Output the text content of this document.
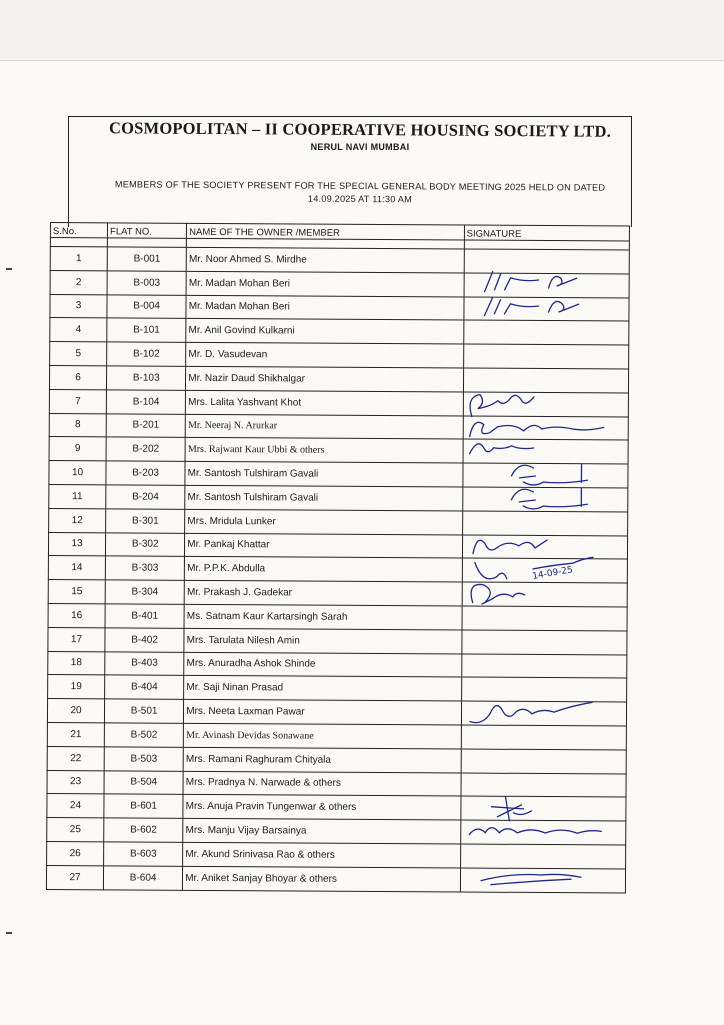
COSMOPOLITAN – II COOPERATIVE HOUSING SOCIETY LTD.
NERUL NAVI MUMBAI
MEMBERS OF THE SOCIETY PRESENT FOR THE SPECIAL GENERAL BODY MEETING 2025 HELD ON DATED
14.09.2025 AT 11:30 AM
S.No.	FLAT NO.	NAME OF THE OWNER /MEMBER	SIGNATURE

1	B-001	Mr. Noor Ahmed S. Mirdhe	
2	B-003	Mr. Madan Mohan Beri	

3	B-004	Mr. Madan Mohan Beri	

4	B-101	Mr. Anil Govind Kulkarni	
5	B-102	Mr. D. Vasudevan	
6	B-103	Mr. Nazir Daud Shikhalgar	
7	B-104	Mrs. Lalita Yashvant Khot	

8	B-201	Mr. Neeraj N. Arurkar	

9	B-202	Mrs. Rajwant Kaur Ubbi & others	

10	B-203	Mr. Santosh Tulshiram Gavali	

11	B-204	Mr. Santosh Tulshiram Gavali	

12	B-301	Mrs. Mridula Lunker	
13	B-302	Mr. Pankaj Khattar	

14	B-303	Mr. P.P.K. Abdulla	14-09-25

15	B-304	Mr. Prakash J. Gadekar	

16	B-401	Ms. Satnam Kaur Kartarsingh Sarah	
17	B-402	Mrs. Tarulata Nilesh Amin	
18	B-403	Mrs. Anuradha Ashok Shinde	
19	B-404	Mr. Saji Ninan Prasad	
20	B-501	Mrs. Neeta Laxman Pawar	

21	B-502	Mr. Avinash Devidas Sonawane	
22	B-503	Mrs. Ramani Raghuram Chityala	
23	B-504	Mrs. Pradnya N. Narwade & others	
24	B-601	Mrs. Anuja Pravin Tungenwar & others	

25	B-602	Mrs. Manju Vijay Barsainya	

26	B-603	Mr. Akund Srinivasa Rao & others	
27	B-604	Mr. Aniket Sanjay Bhoyar & others	
